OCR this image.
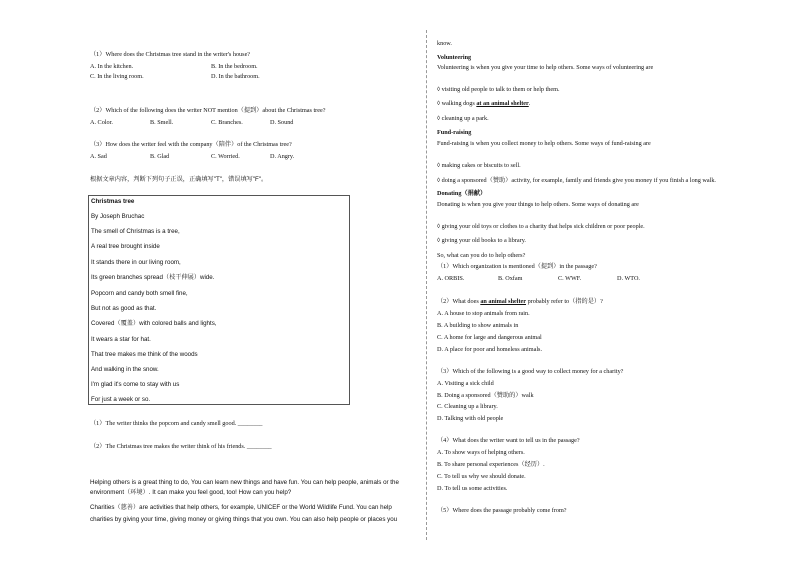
（1）Where does the Christmas tree stand in the writer's house?
A. In the kitchen.	B. In the bedroom.
C. In the living room.	D. In the bathroom.
（2）Which of the following does the writer NOT mention（提到）about the Christmas tree?
A. Color.	B. Smell.	C. Branches.	D. Sound
（3）How does the writer feel with the company（陪伴）of the Christmas tree?
A. Sad	B. Glad	C. Worried.	D. Angry.
根据文章内容，判断下列句子正误，正确填写"T"，错误填写"F"。
Christmas tree
By Joseph Bruchac
The smell of Christmas is a tree,
A real tree brought inside
It stands there in our living room,
Its green branches spread（枝干伸展）wide.
Popcorn and candy both smell fine,
But not as good as that.
Covered（覆盖）with colored balls and lights,
It wears a star for hat.
That tree makes me think of the woods
And walking in the snow.
I'm glad it's come to stay with us
For just a week or so.
（1）The writer thinks the popcorn and candy smell good. ________
（2）The Christmas tree makes the writer think of his friends. ________
Helping others is a great thing to do, You can learn new things and have fun. You can help people, animals or the
environment（环境）. It can make you feel good, too! How can you help?
Charities（慈善）are activities that help others, for example, UNICEF or the World Wildlife Fund. You can help
charities by giving your time, giving money or giving things that you own. You can also help people or places you
know.
Volunteering
Volunteering is when you give your time to help others. Some ways of volunteering are
◊ visiting old people to talk to them or help them.
◊ walking dogs at an animal shelter.
◊ cleaning up a park.
Fund-raising
Fund-raising is when you collect money to help others. Some ways of fund-raising are
◊ making cakes or biscuits to sell.
◊ doing a sponsored（赞助）activity, for example, family and friends give you money if you finish a long walk.
Donating（捐献）
Donating is when you give your things to help others. Some ways of donating are
◊ giving your old toys or clothes to a charity that helps sick children or poor people.
◊ giving your old books to a library.
So, what can you do to help others?
（1）Which organization is mentioned（提到）in the passage?
A. ORBIS.	B. Oxfam	C. WWF.	D. WTO.
（2）What does an animal shelter probably refer to（指的是）?
A. A house to stop animals from rain.
B. A building to show animals in
C. A home for large and dangerous animal
D. A place for poor and homeless animals.
（3）Which of the following is a good way to collect money for a charity?
A. Visiting a sick child
B. Doing a sponsored（赞助的）walk
C. Cleaning up a library.
D. Talking with old people
（4）What does the writer want to tell us in the passage?
A. To show ways of helping others.
B. To share personal experiences（经历）.
C. To tell us why we should donate.
D. To tell us some activities.
（5）Where does the passage probably come from?
